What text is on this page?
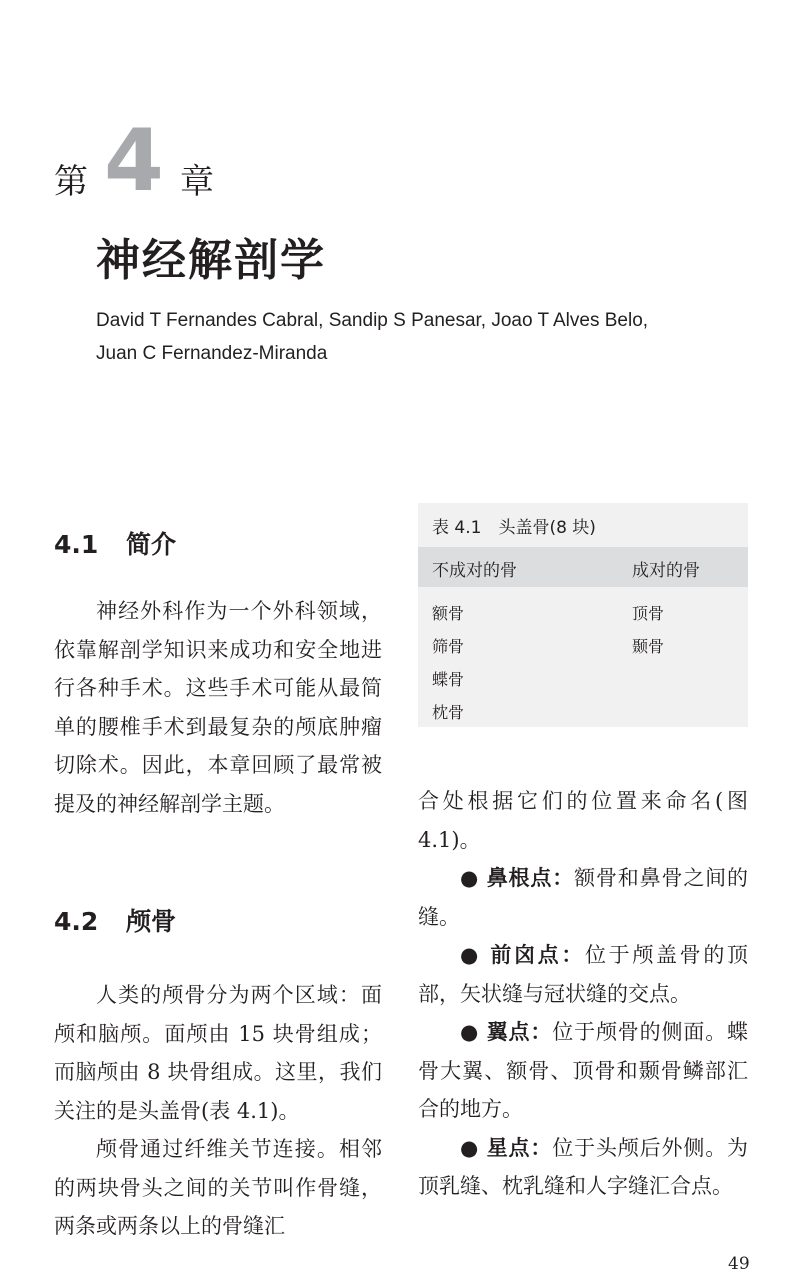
第 4 章
神经解剖学
David T Fernandes Cabral, Sandip S Panesar, Joao T Alves Belo,
Juan C Fernandez-Miranda
4.1 简介
神经外科作为一个外科领域，依靠解剖学知识来成功和安全地进行各种手术。这些手术可能从最简单的腰椎手术到最复杂的颅底肿瘤切除术。因此，本章回顾了最常被提及的神经解剖学主题。
4.2 颅骨
人类的颅骨分为两个区域：面颅和脑颅。面颅由 15 块骨组成；而脑颅由 8 块骨组成。这里，我们关注的是头盖骨(表 4.1)。
颅骨通过纤维关节连接。相邻的两块骨头之间的关节叫作骨缝，两条或两条以上的骨缝汇
表 4.1　头盖骨(8 块)
不成对的骨	成对的骨
额骨
筛骨
蝶骨
枕骨
顶骨
颞骨

合处根据它们的位置来命名(图 4.1)。

● 鼻根点：额骨和鼻骨之间的缝。

● 前囟点：位于颅盖骨的顶部，矢状缝与冠状缝的交点。

● 翼点：位于颅骨的侧面。蝶骨大翼、额骨、顶骨和颞骨鳞部汇合的地方。

● 星点：位于头颅后外侧。为顶乳缝、枕乳缝和人字缝汇合点。

49
